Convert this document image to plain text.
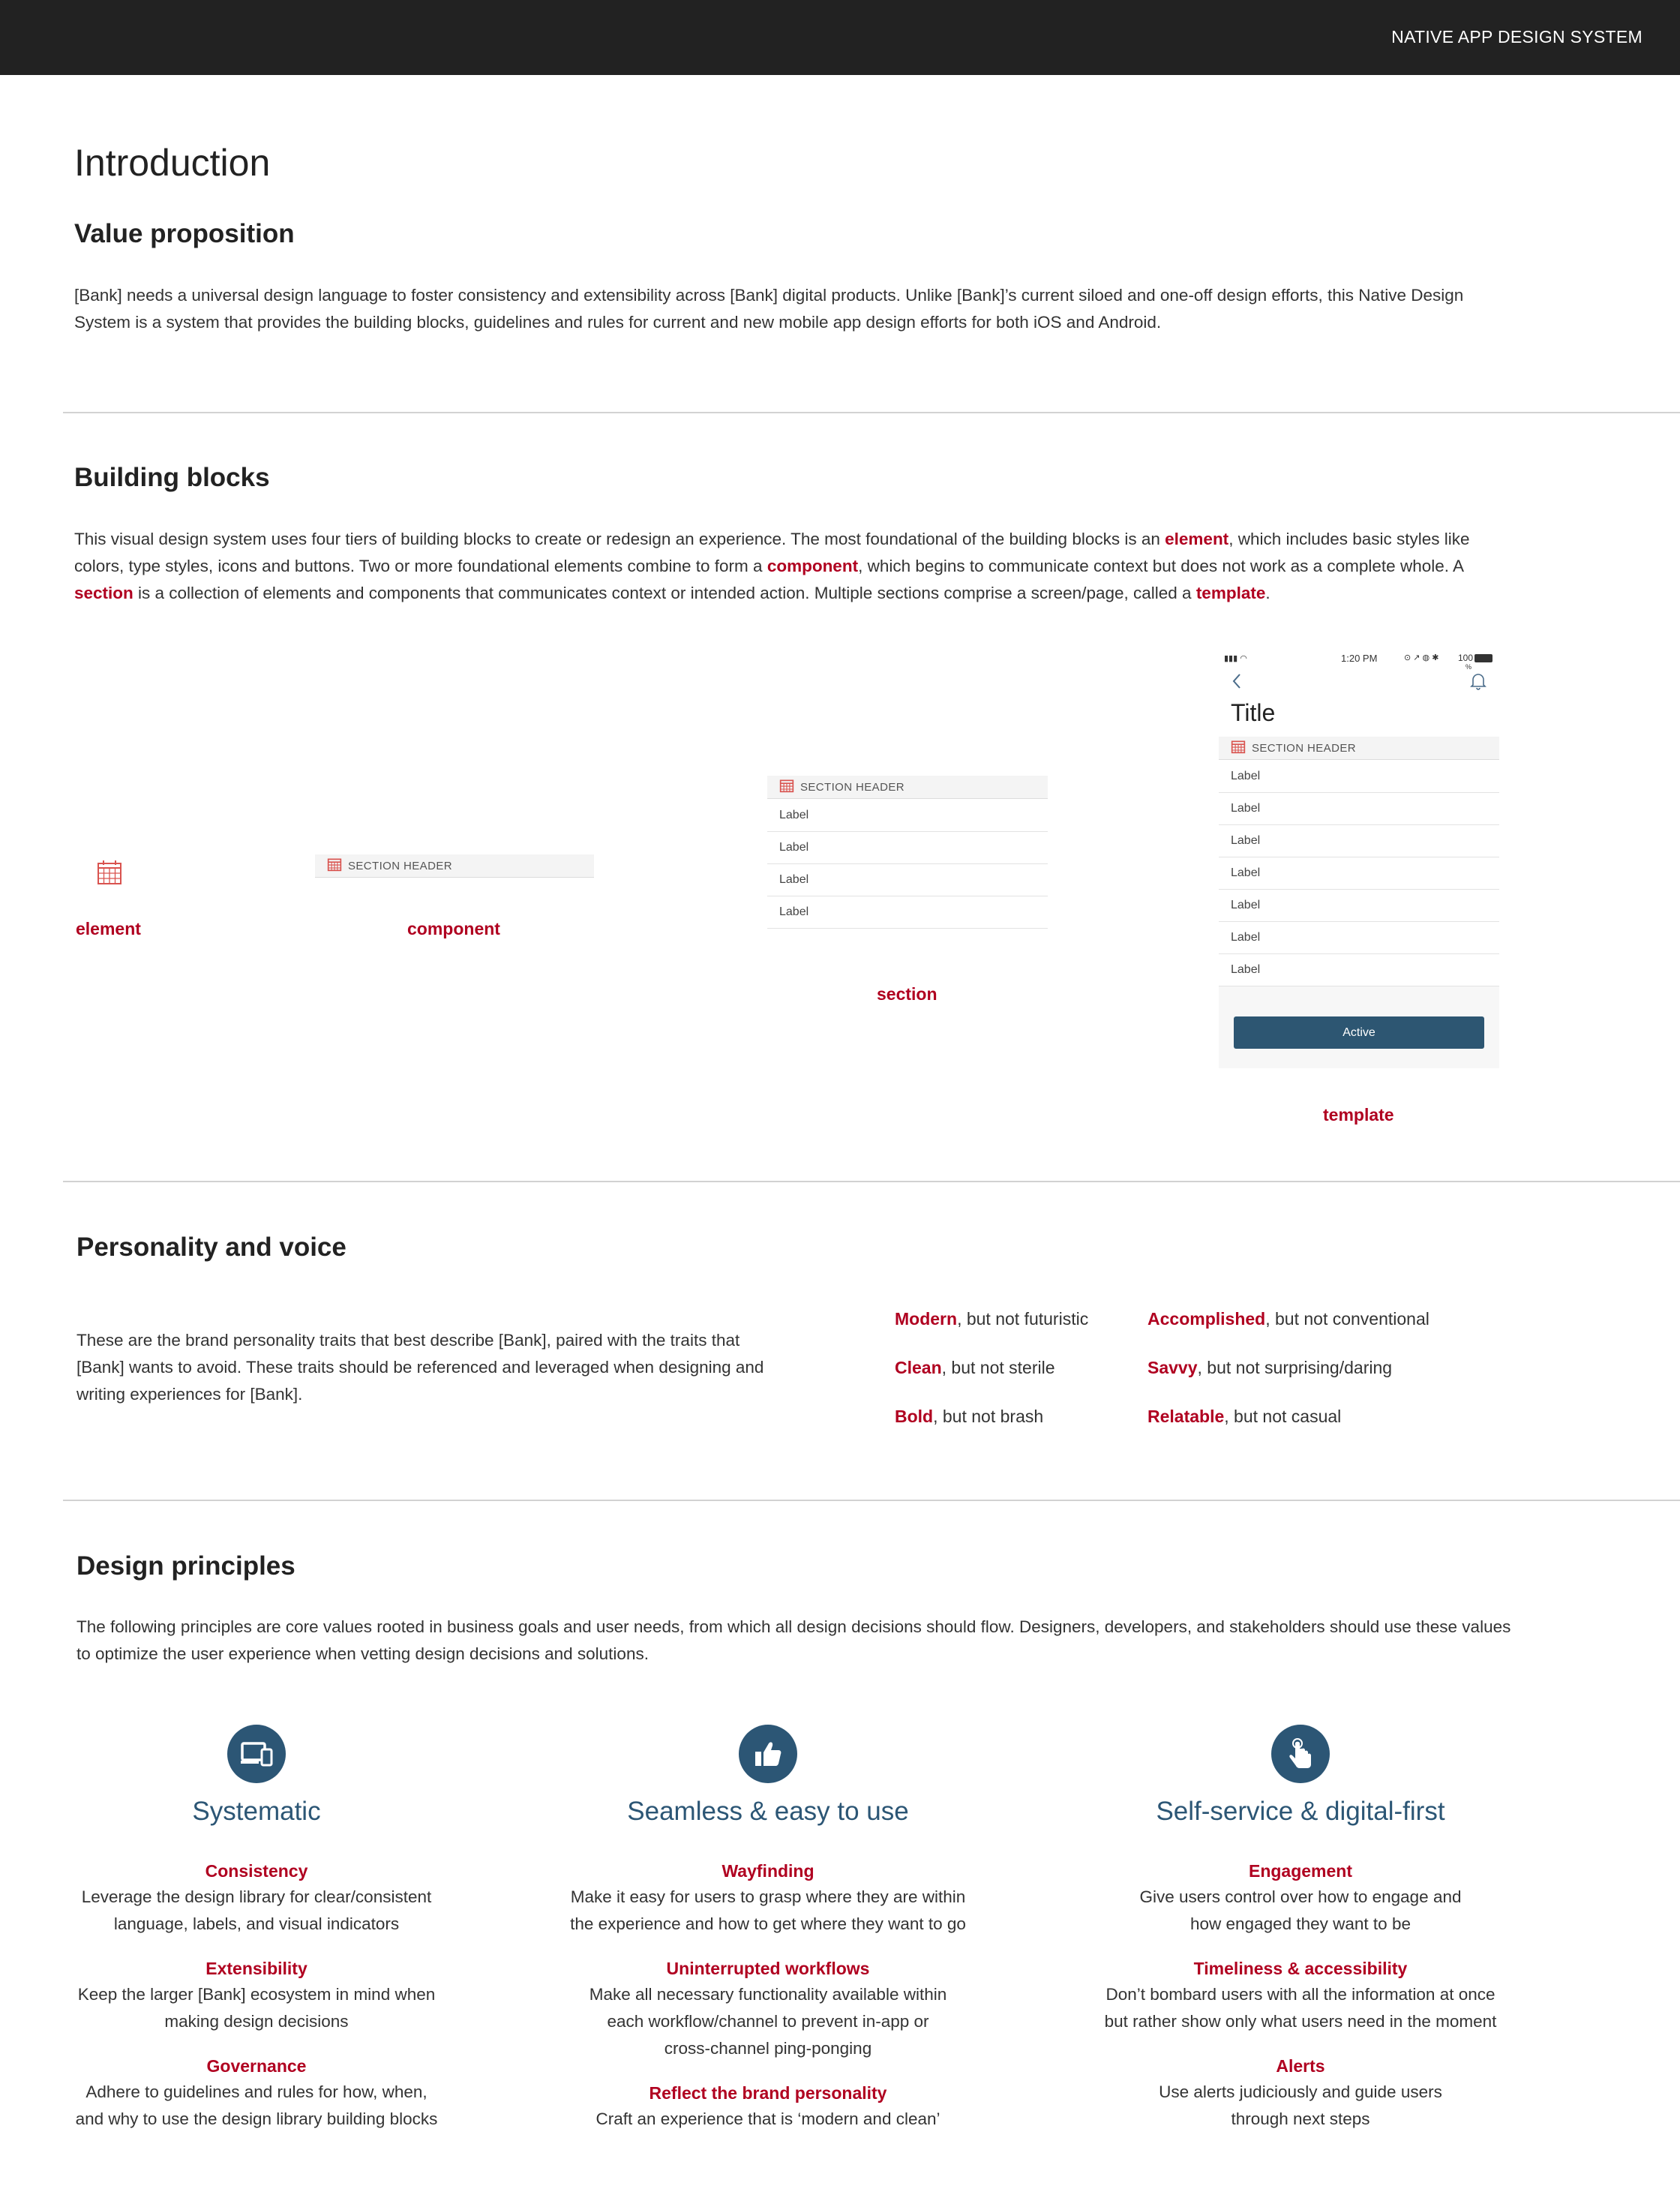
NATIVE APP DESIGN SYSTEM
Introduction
Value proposition
[Bank] needs a universal design language to foster consistency and extensibility across [Bank] digital products. Unlike [Bank]’s current siloed and one-off design efforts, this Native Design System is a system that provides the building blocks, guidelines and rules for current and new mobile app design efforts for both iOS and Android.
Building blocks
This visual design system uses four tiers of building blocks to create or redesign an experience. The most foundational of the building blocks is an element, which includes basic styles like colors, type styles, icons and buttons. Two or more foundational elements combine to form a component, which begins to communicate context but does not work as a complete whole. A section is a collection of elements and components that communicates context or intended action. Multiple sections comprise a screen/page, called a template.
element
SECTION HEADER
component
SECTION HEADER
Label
Label
Label
Label
section
▮▮▮ ◠	1:20 PM	⊙ ↗ ◍ ✱ 100
%
Title
SECTION HEADER
Label
Label
Label
Label
Label
Label
Label
Active
template
Personality and voice
These are the brand personality traits that best describe [Bank], paired with the traits that [Bank] wants to avoid. These traits should be referenced and leveraged when designing and writing experiences for [Bank].
Modern, but not futuristic	Accomplished, but not conventional
Clean, but not sterile	Savvy, but not surprising/daring
Bold, but not brash	Relatable, but not casual
Design principles
The following principles are core values rooted in business goals and user needs, from which all design decisions should flow. Designers, developers, and stakeholders should use these values to optimize the user experience when vetting design decisions and solutions.
Systematic
Consistency
Leverage the design library for clear/consistent
language, labels, and visual indicators
Extensibility
Keep the larger [Bank] ecosystem in mind when
making design decisions
Governance
Adhere to guidelines and rules for how, when,
and why to use the design library building blocks
Seamless & easy to use
Wayfinding
Make it easy for users to grasp where they are within
the experience and how to get where they want to go
Uninterrupted workflows
Make all necessary functionality available within
each workflow/channel to prevent in-app or
cross-channel ping-ponging
Reflect the brand personality
Craft an experience that is ‘modern and clean’
Self-service & digital-first
Engagement
Give users control over how to engage and
how engaged they want to be
Timeliness & accessibility
Don’t bombard users with all the information at once
but rather show only what users need in the moment
Alerts
Use alerts judiciously and guide users
through next steps
